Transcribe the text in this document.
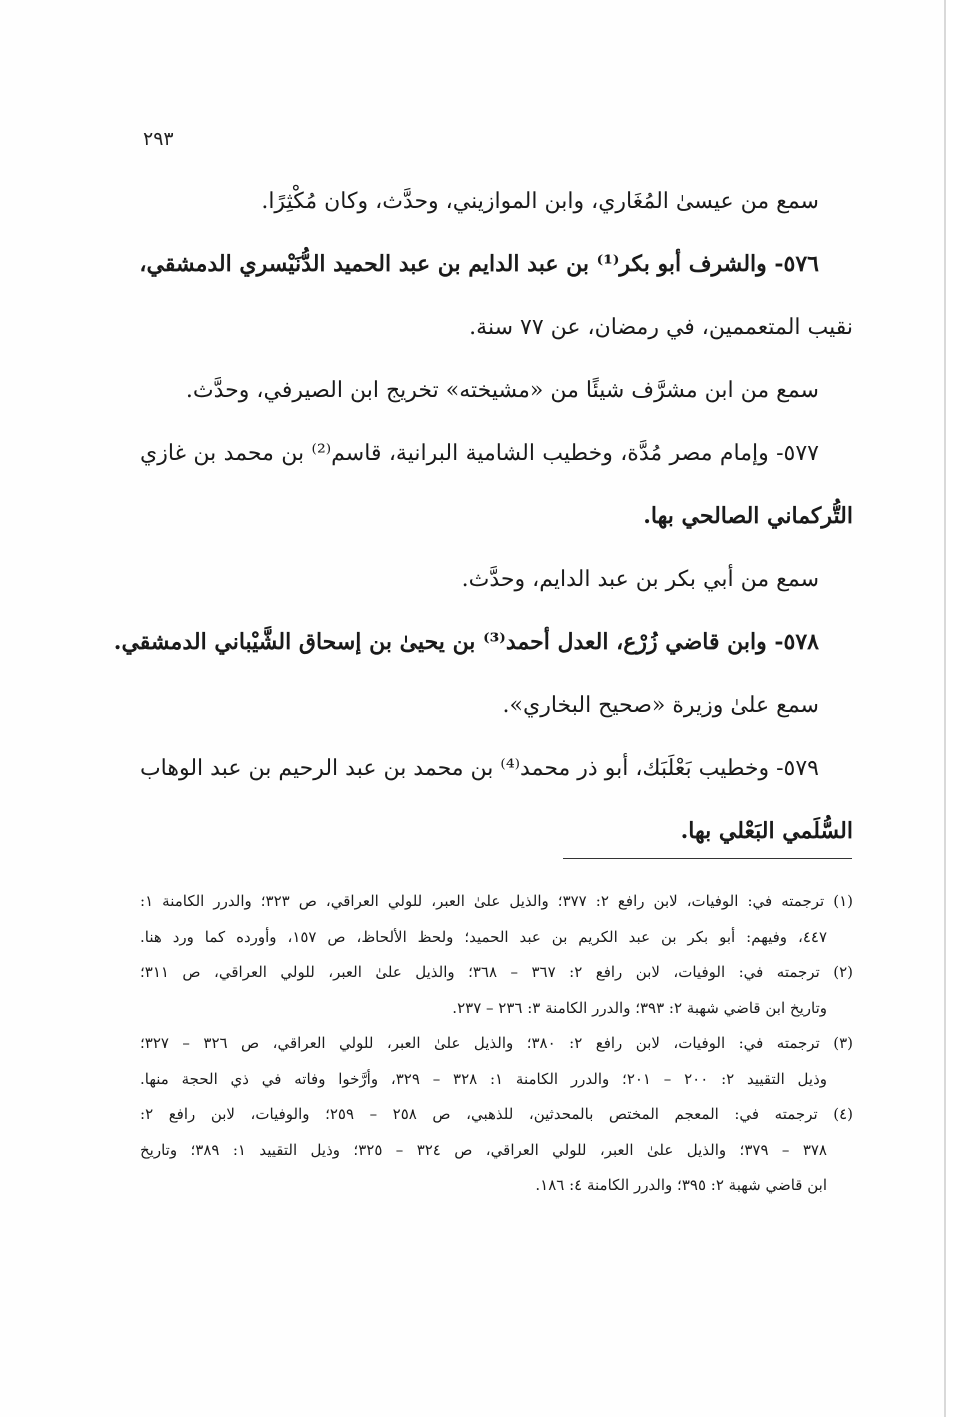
٢٩٣
سمع من عيسىٰ المُغَاري، وابن الموازيني، وحدَّث، وكان مُكْثِرًا.
٥٧٦- والشرف أبو بكر⁽¹⁾ بن عبد الدايم بن عبد الحميد الدُّنَيْسري الدمشقي،
نقيب المتعممين، في رمضان، عن ٧٧ سنة.
سمع من ابن مشرَّف شيئًا من «مشيخته» تخريج ابن الصيرفي، وحدَّث.
٥٧٧- وإمام مصر مُدَّة، وخطيب الشامية البرانية، قاسم⁽²⁾ بن محمد بن غازي
التُّركماني الصالحي بها.
سمع من أبي بكر بن عبد الدايم، وحدَّث.
٥٧٨- وابن قاضي زُرْع، العدل أحمد⁽³⁾ بن يحيىٰ بن إسحاق الشَّيْباني الدمشقي.
سمع علىٰ وزيرة «صحيح البخاري».
٥٧٩- وخطيب بَعْلَبَك، أبو ذر محمد⁽⁴⁾ بن محمد بن عبد الرحيم بن عبد الوهاب
السُّلَمي البَعْلي بها.
(١) ترجمته في: الوفيات، لابن رافع ٢: ٣٧٧؛ والذيل علىٰ العبر، للولي العراقي، ص ٣٢٣؛ والدرر الكامنة ١:
٤٤٧، وفيهم: أبو بكر بن عبد الكريم بن عبد الحميد؛ ولحظ الألحاظ، ص ١٥٧، وأورده كما ورد هنا.
(٢) ترجمته في: الوفيات، لابن رافع ٢: ٣٦٧ – ٣٦٨؛ والذيل علىٰ العبر، للولي العراقي، ص ٣١١؛
وتاريخ ابن قاضي شهبة ٢: ٣٩٣؛ والدرر الكامنة ٣: ٢٣٦ – ٢٣٧.
(٣) ترجمته في: الوفيات، لابن رافع ٢: ٣٨٠؛ والذيل علىٰ العبر، للولي العراقي، ص ٣٢٦ – ٣٢٧؛
وذيل التقييد ٢: ٢٠٠ – ٢٠١؛ والدرر الكامنة ١: ٣٢٨ – ٣٢٩، وأرَّخوا وفاته في ذي الحجة منها.
(٤) ترجمته في: المعجم المختص بالمحدثين، للذهبي، ص ٢٥٨ – ٢٥٩؛ والوفيات، لابن رافع ٢:
٣٧٨ – ٣٧٩؛ والذيل علىٰ العبر، للولي العراقي، ص ٣٢٤ – ٣٢٥؛ وذيل التقييد ١: ٣٨٩؛ وتاريخ
ابن قاضي شهبة ٢: ٣٩٥؛ والدرر الكامنة ٤: ١٨٦.
